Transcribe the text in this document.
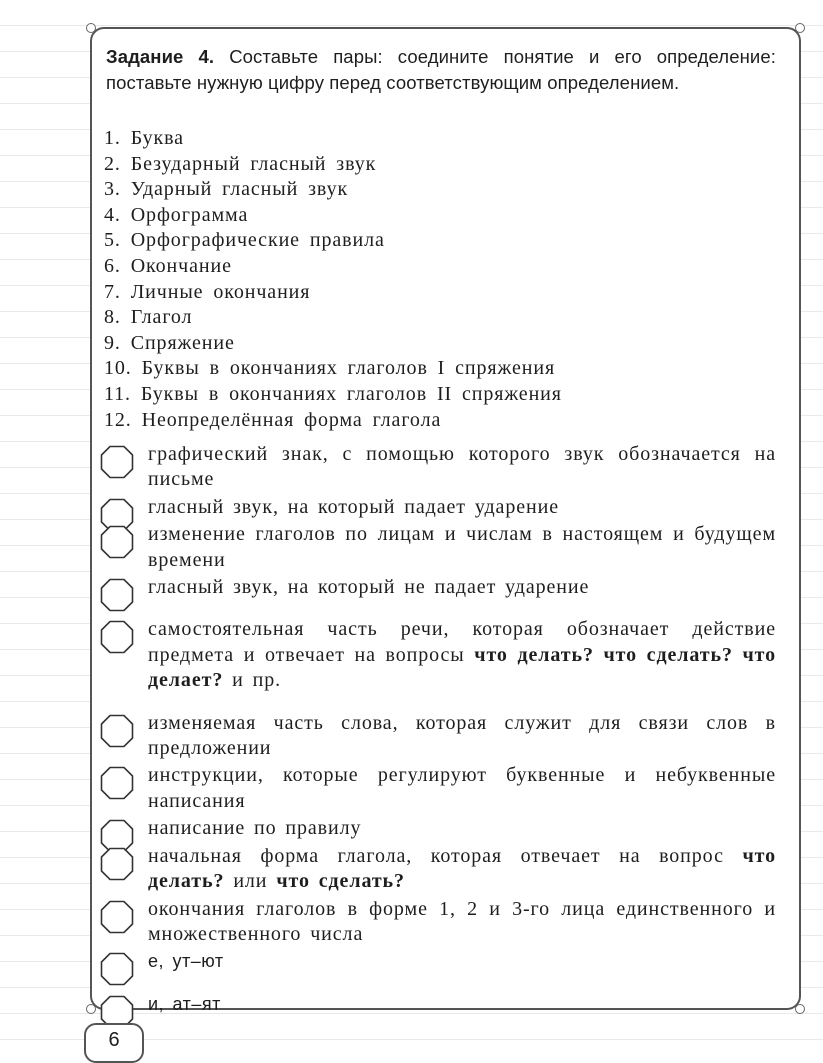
Задание 4. Составьте пары: соедините понятие и его определение: поставьте нужную цифру перед соответствующим определением.
1. Буква
2. Безударный гласный звук
3. Ударный гласный звук
4. Орфограмма
5. Орфографические правила
6. Окончание
7. Личные окончания
8. Глагол
9. Спряжение
10. Буквы в окончаниях глаголов I спряжения
11. Буквы в окончаниях глаголов II спряжения
12. Неопределённая форма глагола
графический знак, с помощью которого звук обозначается на письме
гласный звук, на который падает ударение
изменение глаголов по лицам и числам в настоящем и будущем времени
гласный звук, на который не падает ударение
самостоятельная часть речи, которая обозначает действие предмета и отвечает на вопросы что делать? что сделать? что делает? и пр.
изменяемая часть слова, которая служит для связи слов в предложении
инструкции, которые регулируют буквенные и небуквенные написания
написание по правилу
начальная форма глагола, которая отвечает на вопрос что делать? или что сделать?
окончания глаголов в форме 1, 2 и 3-го лица единственного и множественного числа
е, ут–ют
и, ат–ят
6
